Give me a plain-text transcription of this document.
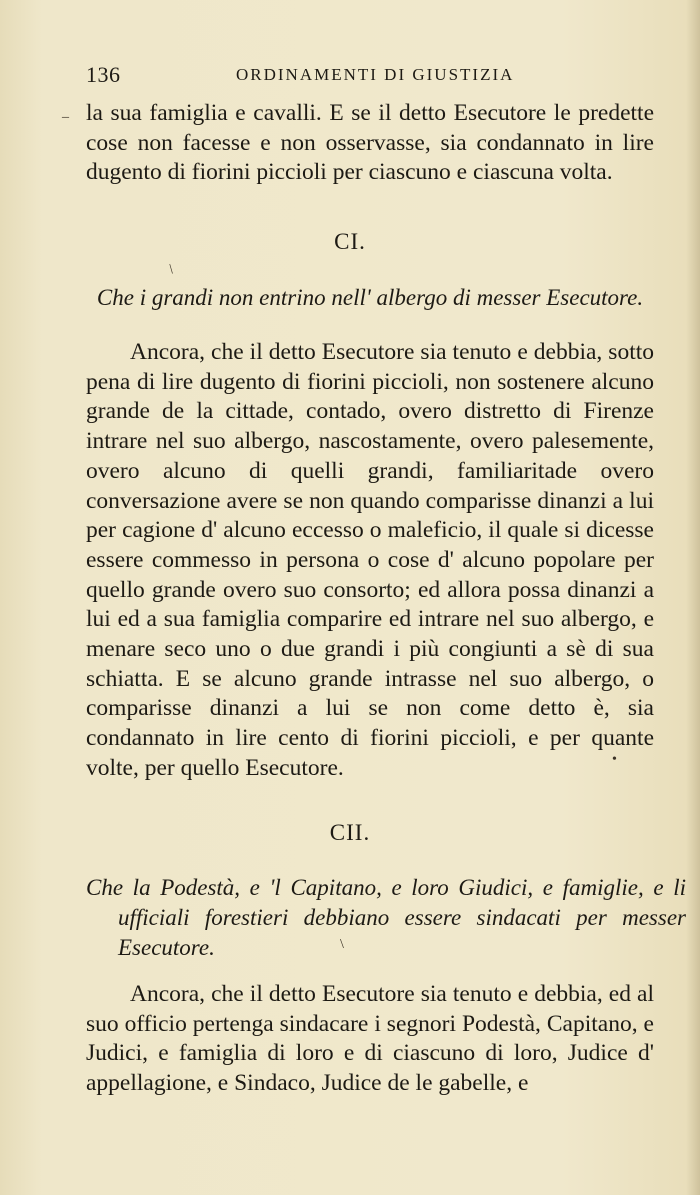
136	ORDINAMENTI DI GIUSTIZIA
_ la sua famiglia e cavalli. E se il detto Esecutore le predette cose non facesse e non osservasse, sia condannato in lire dugento di fiorini piccioli per ciascuno e ciascuna volta.

CI.
/
Che i grandi non entrino nell' albergo di messer Esecutore.

Ancora, che il detto Esecutore sia tenuto e debbia, sotto pena di lire dugento di fiorini piccioli, non sostenere alcuno grande de la cittade, contado, overo distretto di Firenze intrare nel suo albergo, nascostamente, overo palesemente, overo alcuno di quelli grandi, familiaritade overo conversazione avere se non quando comparisse dinanzi a lui per cagione d' alcuno eccesso o maleficio, il quale si dicesse essere commesso in persona o cose d' alcuno popolare per quello grande overo suo consorto; ed allora possa dinanzi a lui ed a sua famiglia comparire ed intrare nel suo albergo, e menare seco uno o due grandi i più congiunti a sè di sua schiatta. E se alcuno grande intrasse nel suo albergo, o comparisse dinanzi a lui se non come detto è, sia condannato in lire cento di fiorini piccioli, e per quante volte, per quello Esecutore.	•
CII.
Che la Podestà, e 'l Capitano, e loro Giudici, e famiglie, e li ufficiali forestieri debbiano essere sindacati per messer Esecutore.	\

Ancora, che il detto Esecutore sia tenuto e debbia, ed al suo officio pertenga sindacare i segnori Podestà, Capitano, e Judici, e famiglia di loro e di ciascuno di loro, Judice d' appellagione, e Sindaco, Judice de le gabelle, e
